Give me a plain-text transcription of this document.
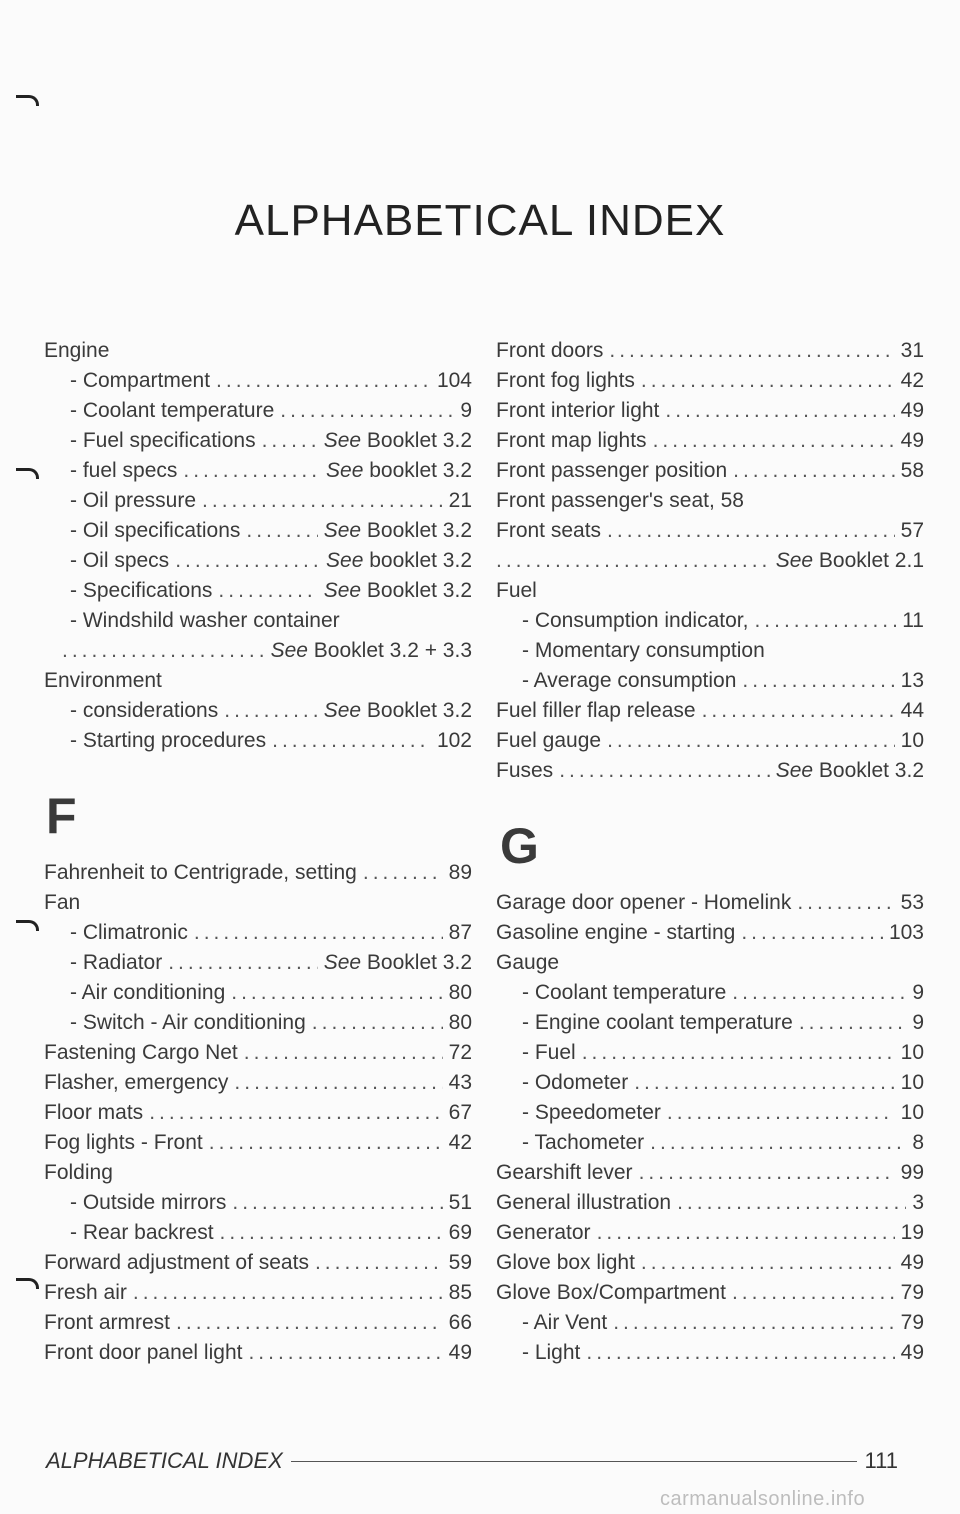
ALPHABETICAL INDEX
Engine
- Compartment .....	104
- Coolant temperature .....	9
- Fuel specifications .....	See Booklet 3.2
- fuel specs .....	See booklet 3.2
- Oil pressure .....	21
- Oil specifications .....	See Booklet 3.2
- Oil specs .....	See booklet 3.2
- Specifications .....	See Booklet 3.2
- Windshild washer container
.....
See Booklet 3.2 + 3.3
Environment
- considerations .....	See Booklet 3.2
- Starting procedures .....	102
F
Fahrenheit to Centrigrade, setting .....	89
Fan
- Climatronic .....	87
- Radiator .....	See Booklet 3.2
- Air conditioning .....	80
- Switch - Air conditioning .....	80
Fastening Cargo Net .....	72
Flasher, emergency .....	43
Floor mats .....	67
Fog lights - Front .....	42
Folding
- Outside mirrors .....	51
- Rear backrest .....	69
Forward adjustment of seats .....	59
Fresh air .....	85
Front armrest .....	66
Front door panel light .....	49
Front doors .....	31
Front fog lights .....	42
Front interior light .....	49
Front map lights .....	49
Front passenger position .....	58
Front passenger's seat, 58
Front seats .....	57
.....
See Booklet 2.1
Fuel
- Consumption indicator, .....	11
- Momentary consumption
- Average consumption .....	13
Fuel filler flap release .....	44
Fuel gauge .....	10
Fuses .....	See Booklet 3.2
G
Garage door opener - Homelink .....	53
Gasoline engine - starting .....	103
Gauge
- Coolant temperature .....	9
- Engine coolant temperature .....	9
- Fuel .....	10
- Odometer .....	10
- Speedometer .....	10
- Tachometer .....	8
Gearshift lever .....	99
General illustration .....	3
Generator .....	19
Glove box light .....	49
Glove Box/Compartment .....	79
- Air Vent .....	79
- Light .....	49
ALPHABETICAL INDEX	111
carmanualsonline.info
